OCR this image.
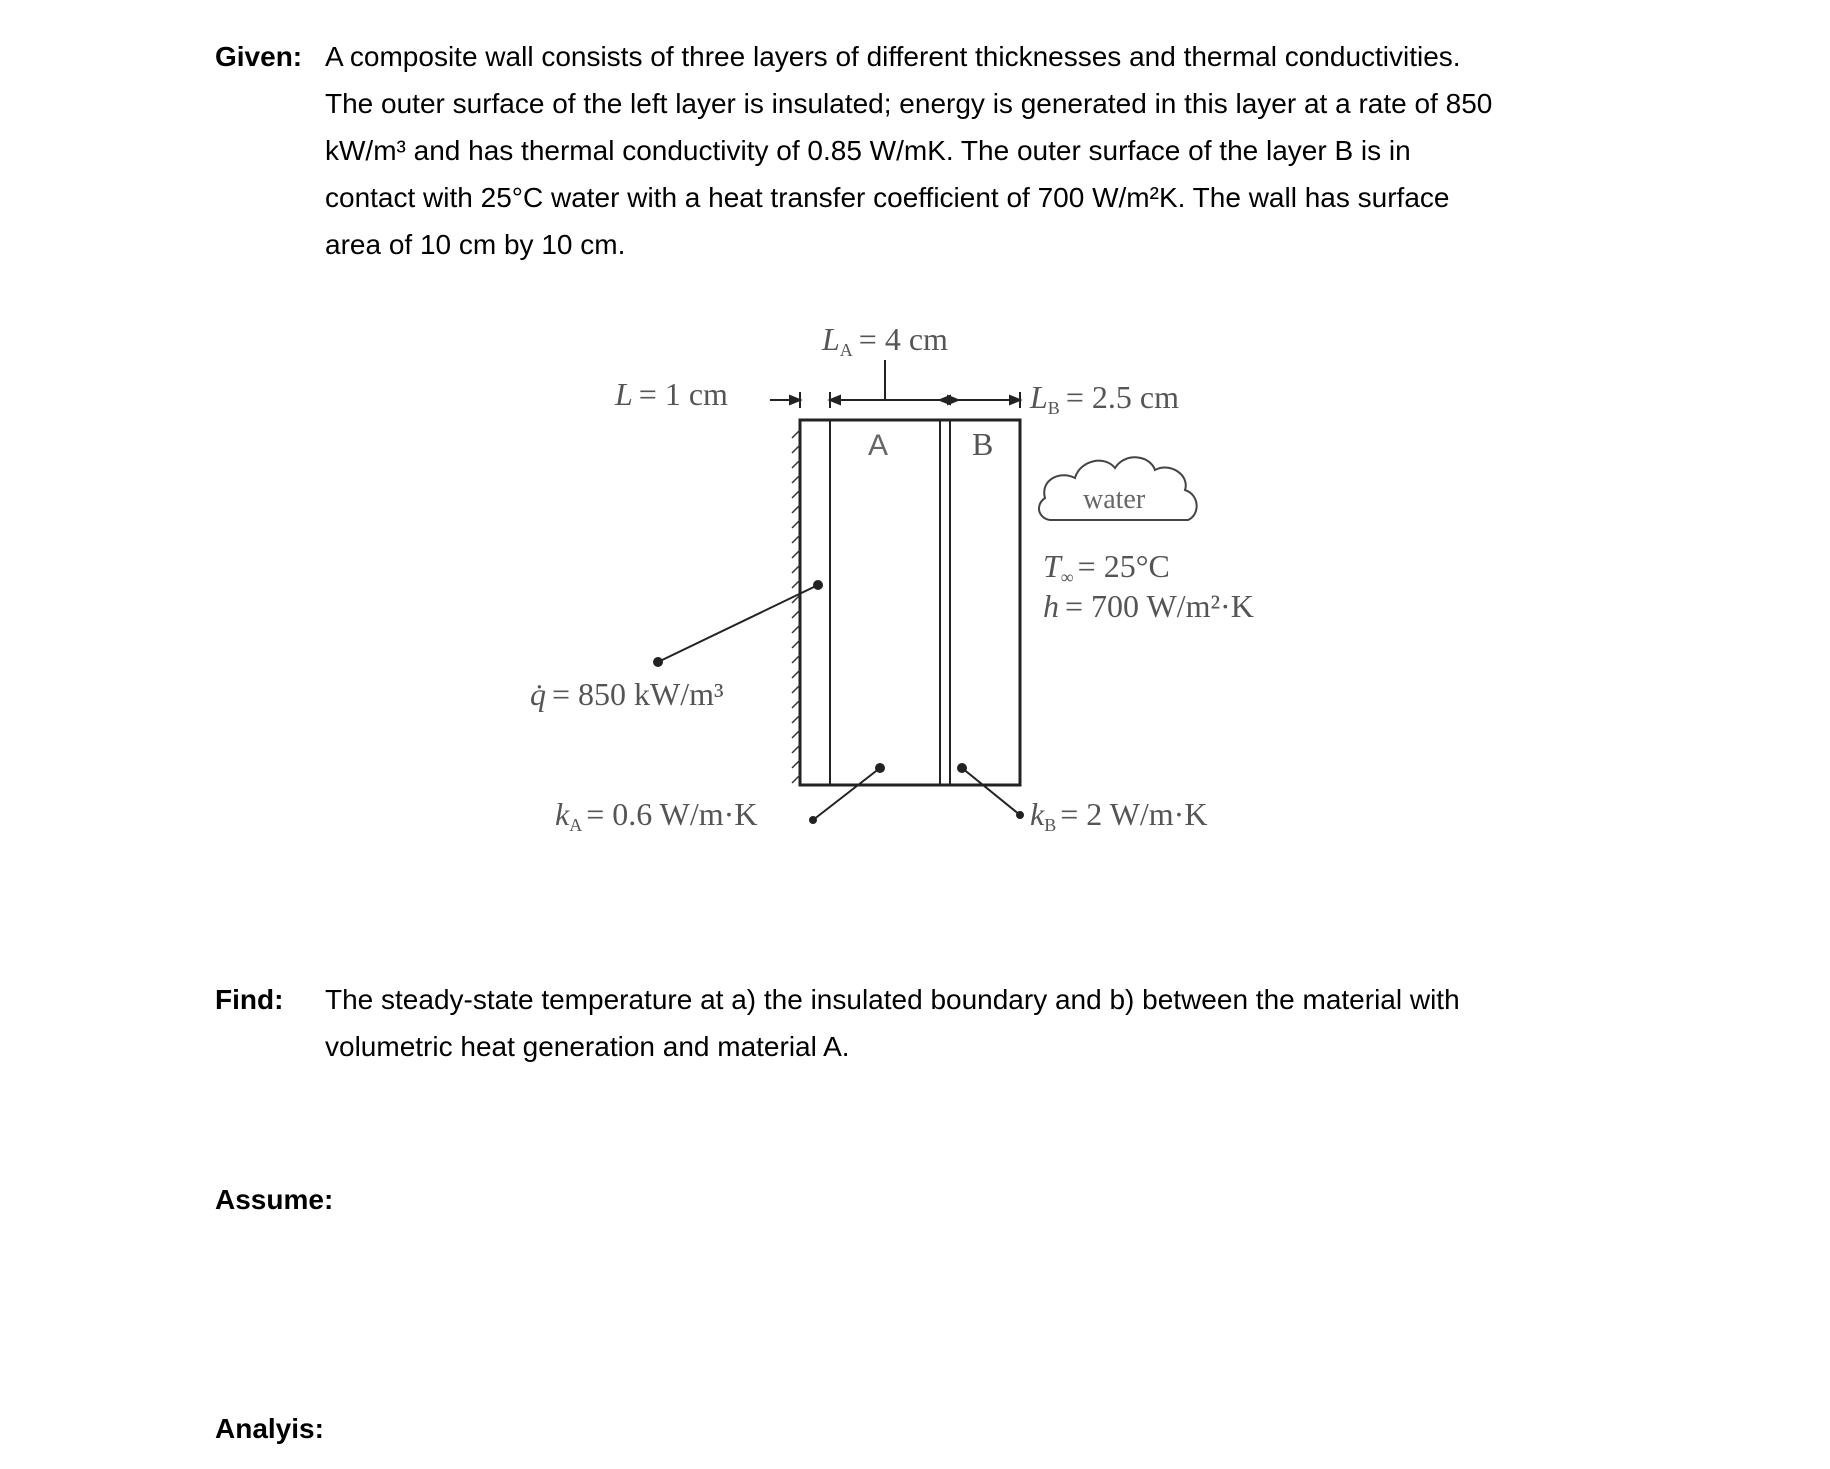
Given: A composite wall consists of three layers of different thicknesses and thermal conductivities.
The outer surface of the left layer is insulated; energy is generated in this layer at a rate of 850
kW/m³ and has thermal conductivity of 0.85 W/mK. The outer surface of the layer B is in
contact with 25°C water with a heat transfer coefficient of 700 W/m²K. The wall has surface
area of 10 cm by 10 cm.
LA = 4 cm
L = 1 cm	LB = 2.5 cm
A	B
water
T∞ = 25°C
h = 700 W/m²·K
q̇ = 850 kW/m³
kA = 0.6 W/m·K	kB = 2 W/m·K
Find: The steady-state temperature at a) the insulated boundary and b) between the material with
volumetric heat generation and material A.
Assume:
Analyis:
